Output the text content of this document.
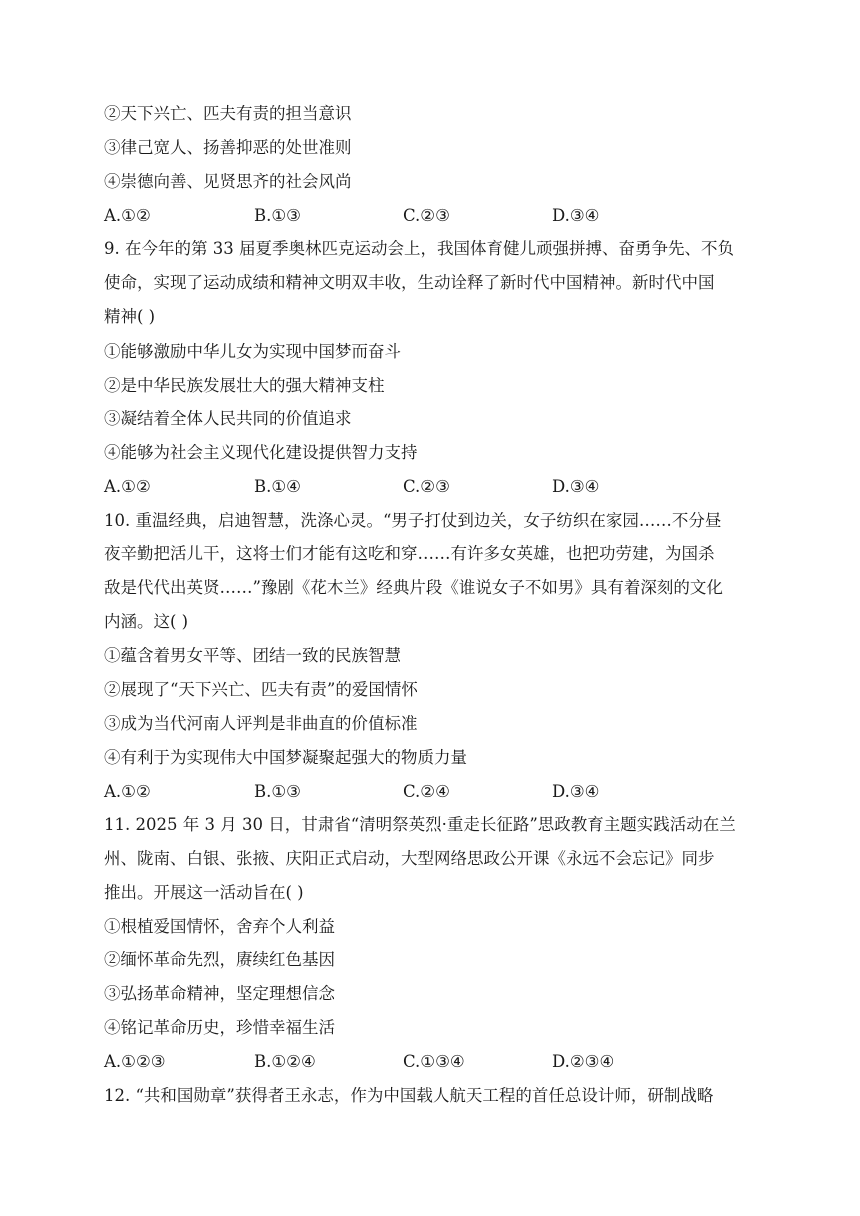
②天下兴亡、匹夫有责的担当意识
③律己宽人、扬善抑恶的处世准则
④崇德向善、见贤思齐的社会风尚
A.①②	B.①③	C.②③	D.③④
9. 在今年的第 33 届夏季奥林匹克运动会上，我国体育健儿顽强拼搏、奋勇争先、不负
使命，实现了运动成绩和精神文明双丰收，生动诠释了新时代中国精神。新时代中国
精神( )
①能够激励中华儿女为实现中国梦而奋斗
②是中华民族发展壮大的强大精神支柱
③凝结着全体人民共同的价值追求
④能够为社会主义现代化建设提供智力支持
A.①②	B.①④	C.②③	D.③④
10. 重温经典，启迪智慧，洗涤心灵。“男子打仗到边关，女子纺织在家园……不分昼
夜辛勤把活儿干，这将士们才能有这吃和穿……有许多女英雄，也把功劳建，为国杀
敌是代代出英贤……”豫剧《花木兰》经典片段《谁说女子不如男》具有着深刻的文化
内涵。这( )
①蕴含着男女平等、团结一致的民族智慧
②展现了“天下兴亡、匹夫有责”的爱国情怀
③成为当代河南人评判是非曲直的价值标准
④有利于为实现伟大中国梦凝聚起强大的物质力量
A.①②	B.①③	C.②④	D.③④
11. 2025 年 3 月 30 日，甘肃省“清明祭英烈·重走长征路”思政教育主题实践活动在兰
州、陇南、白银、张掖、庆阳正式启动，大型网络思政公开课《永远不会忘记》同步
推出。开展这一活动旨在( )
①根植爱国情怀，舍弃个人利益
②缅怀革命先烈，赓续红色基因
③弘扬革命精神，坚定理想信念
④铭记革命历史，珍惜幸福生活
A.①②③	B.①②④	C.①③④	D.②③④
12. “共和国勋章”获得者王永志，作为中国载人航天工程的首任总设计师，研制战略
